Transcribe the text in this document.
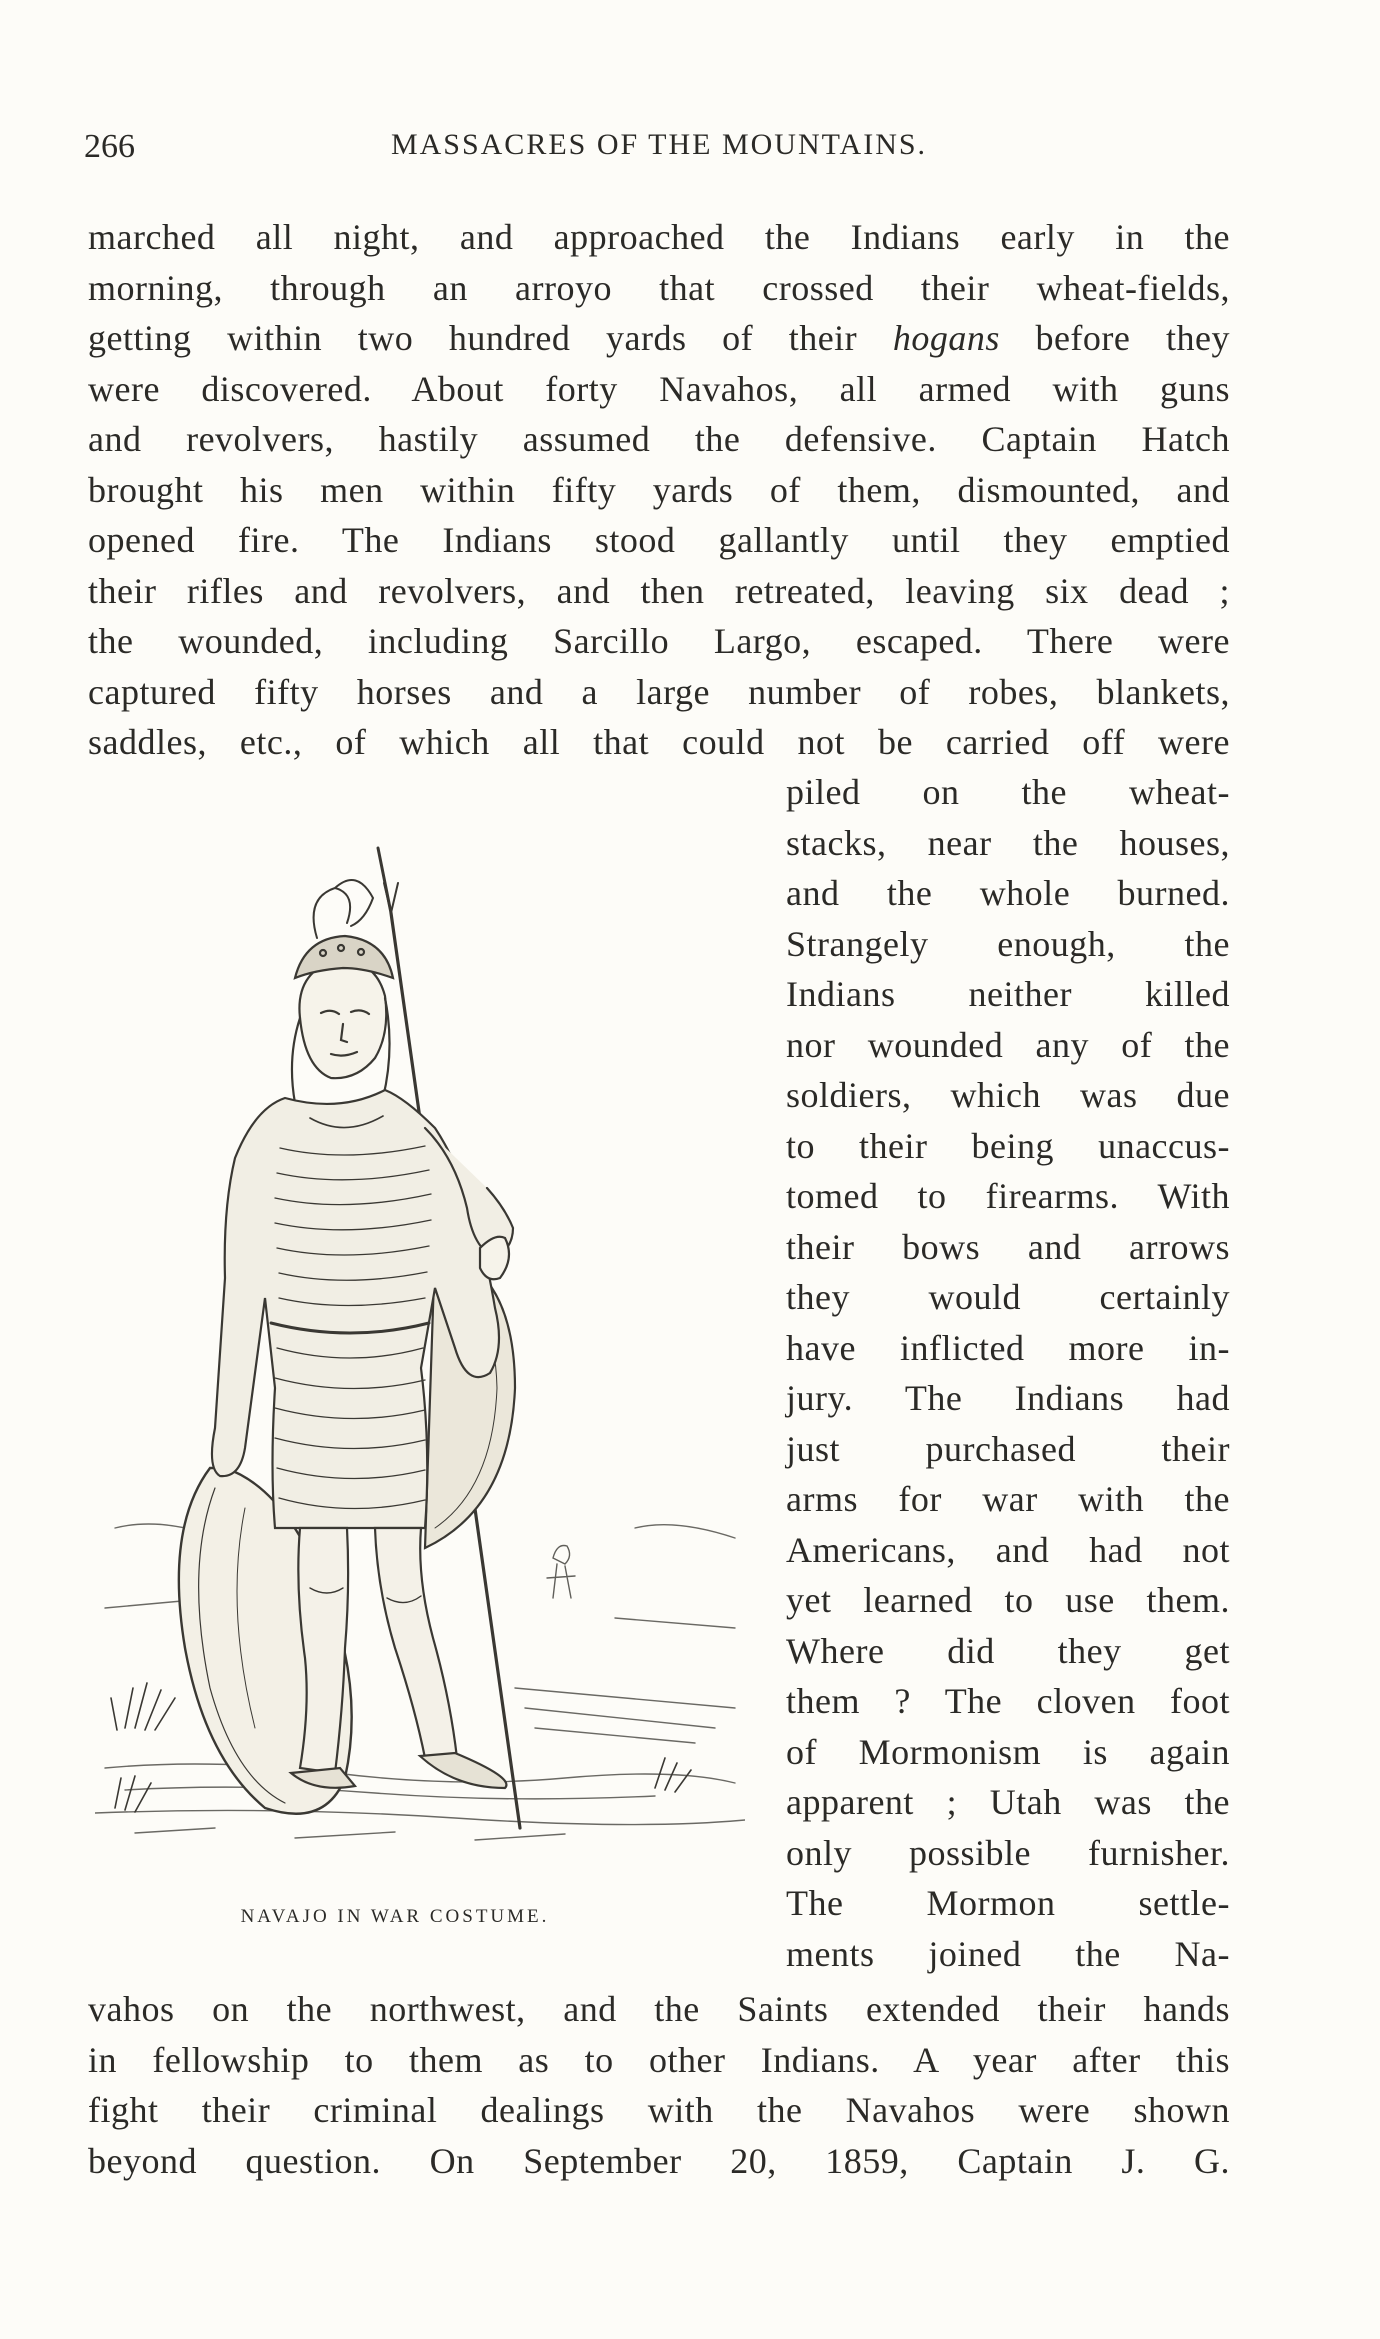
266	MASSACRES OF THE MOUNTAINS.

marched all night, and approached the Indians early in the
morning, through an arroyo that crossed their wheat-fields,
getting within two hundred yards of their hogans before they
were discovered. About forty Navahos, all armed with guns
and revolvers, hastily assumed the defensive. Captain Hatch
brought his men within fifty yards of them, dismounted, and
opened fire. The Indians stood gallantly until they emptied
their rifles and revolvers, and then retreated, leaving six dead ;
the wounded, including Sarcillo Largo, escaped. There were
captured fifty horses and a large number of robes, blankets,
saddles, etc., of which all that could not be carried off were

piled on the wheat-
stacks, near the houses,
and the whole burned.
Strangely enough, the
Indians neither killed
nor wounded any of the
soldiers, which was due
to their being unaccus-
tomed to firearms. With
their bows and arrows
they would certainly
have inflicted more in-
jury. The Indians had
just purchased their
arms for war with the
Americans, and had not
yet learned to use them.
Where did they get
them ? The cloven foot
of Mormonism is again
apparent ; Utah was the
only possible furnisher.
The Mormon settle-
ments joined the Na-

NAVAJO IN WAR COSTUME.

vahos on the northwest, and the Saints extended their hands
in fellowship to them as to other Indians. A year after this
fight their criminal dealings with the Navahos were shown
beyond question. On September 20, 1859, Captain J. G.
